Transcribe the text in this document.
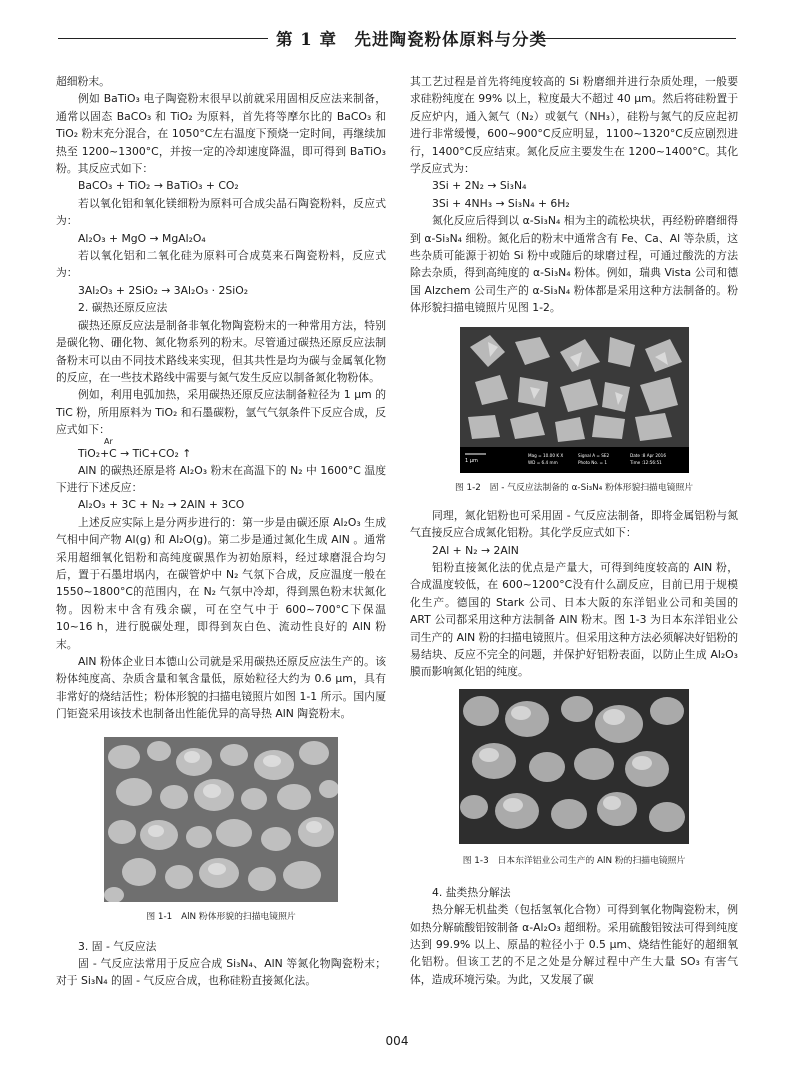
第 1 章　先进陶瓷粉体原料与分类

超细粉末。

例如 BaTiO₃ 电子陶瓷粉末很早以前就采用固相反应法来制备，通常以固态 BaCO₃ 和 TiO₂ 为原料，首先将等摩尔比的 BaCO₃ 和 TiO₂ 粉末充分混合，在 1050°C左右温度下预烧一定时间，再继续加热至 1200~1300°C，并按一定的冷却速度降温，即可得到 BaTiO₃ 粉。其反应式如下：

BaCO₃ + TiO₂ → BaTiO₃ + CO₂

若以氧化铝和氧化镁细粉为原料可合成尖晶石陶瓷粉料，反应式为：

Al₂O₃ + MgO → MgAl₂O₄

若以氧化铝和二氧化硅为原料可合成莫来石陶瓷粉料，反应式为：

3Al₂O₃ + 2SiO₂ → 3Al₂O₃ · 2SiO₂

2. 碳热还原反应法

碳热还原反应法是制备非氧化物陶瓷粉末的一种常用方法，特别是碳化物、硼化物、氮化物系列的粉末。尽管通过碳热还原反应法制备粉末可以由不同技术路线来实现，但其共性是均为碳与金属氧化物的反应，在一些技术路线中需要与氮气发生反应以制备氮化物粉体。

例如，利用电弧加热，采用碳热还原反应法制备粒径为 1 μm 的 TiC 粉，所用原料为 TiO₂ 和石墨碳粉，氩气气氛条件下反应合成，反应式如下：

Ar
TiO₂+C → TiC+CO₂ ↑

AlN 的碳热还原是将 Al₂O₃ 粉末在高温下的 N₂ 中 1600°C 温度下进行下述反应：

Al₂O₃ + 3C + N₂ → 2AlN + 3CO

上述反应实际上是分两步进行的：第一步是由碳还原 Al₂O₃ 生成气相中间产物 Al(g) 和 Al₂O(g)。第二步是通过氮化生成 AlN 。通常采用超细氧化铝粉和高纯度碳黑作为初始原料，经过球磨混合均匀后，置于石墨坩埚内，在碳管炉中 N₂ 气氛下合成，反应温度一般在 1550~1800°C的范围内，在 N₂ 气氛中冷却，得到黑色粉末状氮化物。因粉末中含有残余碳，可在空气中于 600~700°C下保温 10~16 h，进行脱碳处理，即得到灰白色、流动性良好的 AlN 粉末。

AlN 粉体企业日本德山公司就是采用碳热还原反应法生产的。该粉体纯度高、杂质含量和氧含量低，原始粒径大约为 0.6 μm，具有非常好的烧结活性；粉体形貌的扫描电镜照片如图 1-1 所示。国内厦门钜瓷采用该技术也制备出性能优异的高导热 AlN 陶瓷粉末。

图 1-1　AlN 粉体形貌的扫描电镜照片

3. 固 - 气反应法

固 - 气反应法常用于反应合成 Si₃N₄、AlN 等氮化物陶瓷粉末；对于 Si₃N₄ 的固 - 气反应合成，也称硅粉直接氮化法。

其工艺过程是首先将纯度较高的 Si 粉磨细并进行杂质处理，一般要求硅粉纯度在 99% 以上，粒度最大不超过 40 μm。然后将硅粉置于反应炉内，通入氮气（N₂）或氨气（NH₃），硅粉与氮气的反应起初进行非常缓慢，600~900°C反应明显，1100~1320°C反应剧烈进行，1400°C反应结束。氮化反应主要发生在 1200~1400°C。其化学反应式为：

3Si + 2N₂ → Si₃N₄

3Si + 4NH₃ → Si₃N₄ + 6H₂

氮化反应后得到以 α-Si₃N₄ 相为主的疏松块状，再经粉碎磨细得到 α-Si₃N₄ 细粉。氮化后的粉末中通常含有 Fe、Ca、Al 等杂质，这些杂质可能源于初始 Si 粉中或随后的球磨过程，可通过酸洗的方法除去杂质，得到高纯度的 α-Si₃N₄ 粉体。例如，瑞典 Vista 公司和德国 Alzchem 公司生产的 α-Si₃N₄ 粉体都是采用这种方法制备的。粉体形貌扫描电镜照片见图 1-2。

1 μm
Mag = 10.00 K X
WD = 6.4 mm
Signal A = SE2
Photo No. = 1
Date :8 Apr 2016
Time :12:56:51

图 1-2　固 - 气反应法制备的 α-Si₃N₄ 粉体形貌扫描电镜照片

同理，氮化铝粉也可采用固 - 气反应法制备，即将金属铝粉与氮气直接反应合成氮化铝粉。其化学反应式如下：

2Al + N₂ → 2AlN

铝粉直接氮化法的优点是产量大，可得到纯度较高的 AlN 粉，合成温度较低，在 600~1200°C没有什么副反应，目前已用于规模化生产。德国的 Stark 公司、日本大阪的东洋铝业公司和美国的 ART 公司都采用这种方法制备 AlN 粉末。图 1-3 为日本东洋铝业公司生产的 AlN 粉的扫描电镜照片。但采用这种方法必须解决好铝粉的易结块、反应不完全的问题，并保护好铝粉表面，以防止生成 Al₂O₃ 膜而影响氮化铝的纯度。

图 1-3　日本东洋铝业公司生产的 AlN 粉的扫描电镜照片

4. 盐类热分解法

热分解无机盐类（包括氢氧化合物）可得到氧化物陶瓷粉末，例如热分解硫酸铝铵制备 α-Al₂O₃ 超细粉。采用硫酸铝铵法可得到纯度达到 99.9% 以上、原晶的粒径小于 0.5 μm、烧结性能好的超细氧化铝粉。但该工艺的不足之处是分解过程中产生大量 SO₃ 有害气体，造成环境污染。为此，又发展了碳

004
